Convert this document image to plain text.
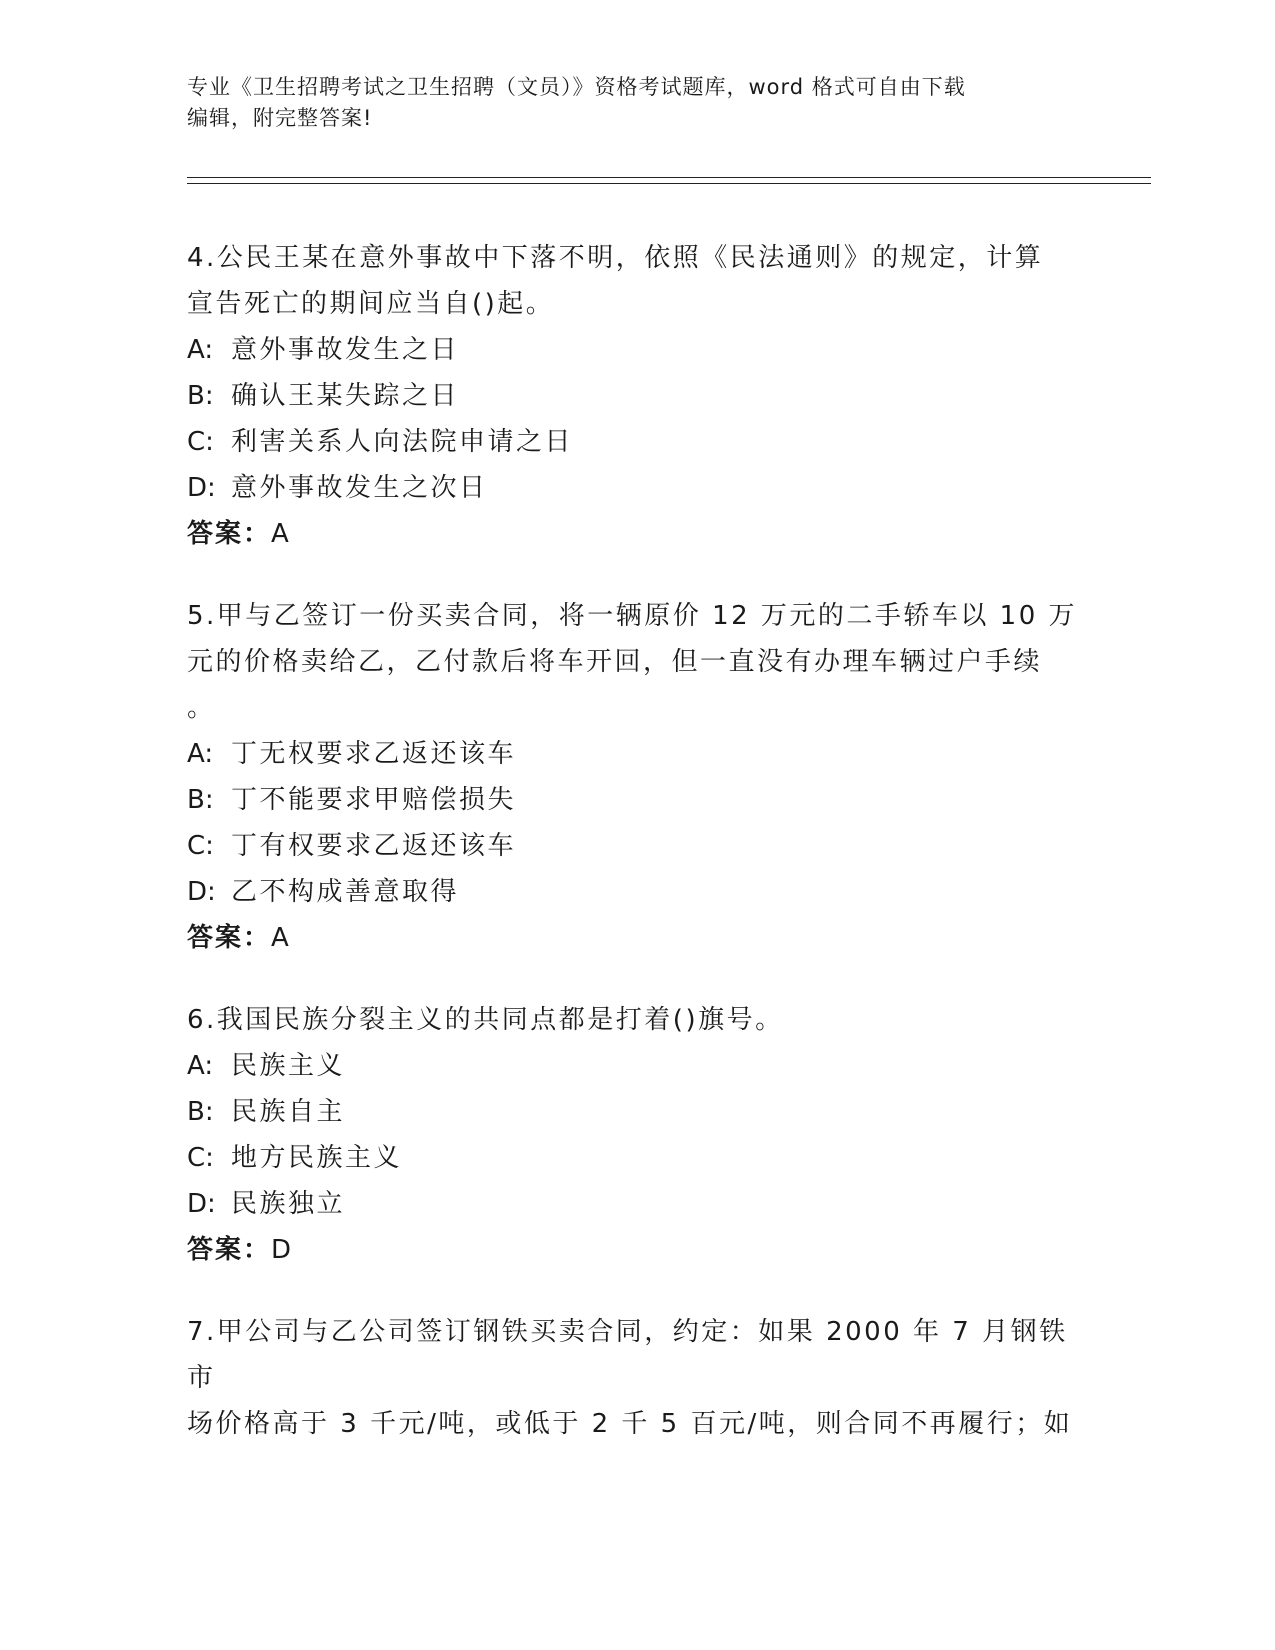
专业《卫生招聘考试之卫生招聘（文员）》资格考试题库，word 格式可自由下载
编辑，附完整答案!
4.公民王某在意外事故中下落不明，依照《民法通则》的规定，计算
宣告死亡的期间应当自()起。
A: 意外事故发生之日
B: 确认王某失踪之日
C: 利害关系人向法院申请之日
D: 意外事故发生之次日
答案：A
5.甲与乙签订一份买卖合同，将一辆原价 12 万元的二手轿车以 10 万
元的价格卖给乙，乙付款后将车开回，但一直没有办理车辆过户手续
。
A: 丁无权要求乙返还该车
B: 丁不能要求甲赔偿损失
C: 丁有权要求乙返还该车
D: 乙不构成善意取得
答案：A
6.我国民族分裂主义的共同点都是打着()旗号。
A: 民族主义
B: 民族自主
C: 地方民族主义
D: 民族独立
答案：D
7.甲公司与乙公司签订钢铁买卖合同，约定：如果 2000 年 7 月钢铁市
场价格高于 3 千元/吨，或低于 2 千 5 百元/吨，则合同不再履行；如
